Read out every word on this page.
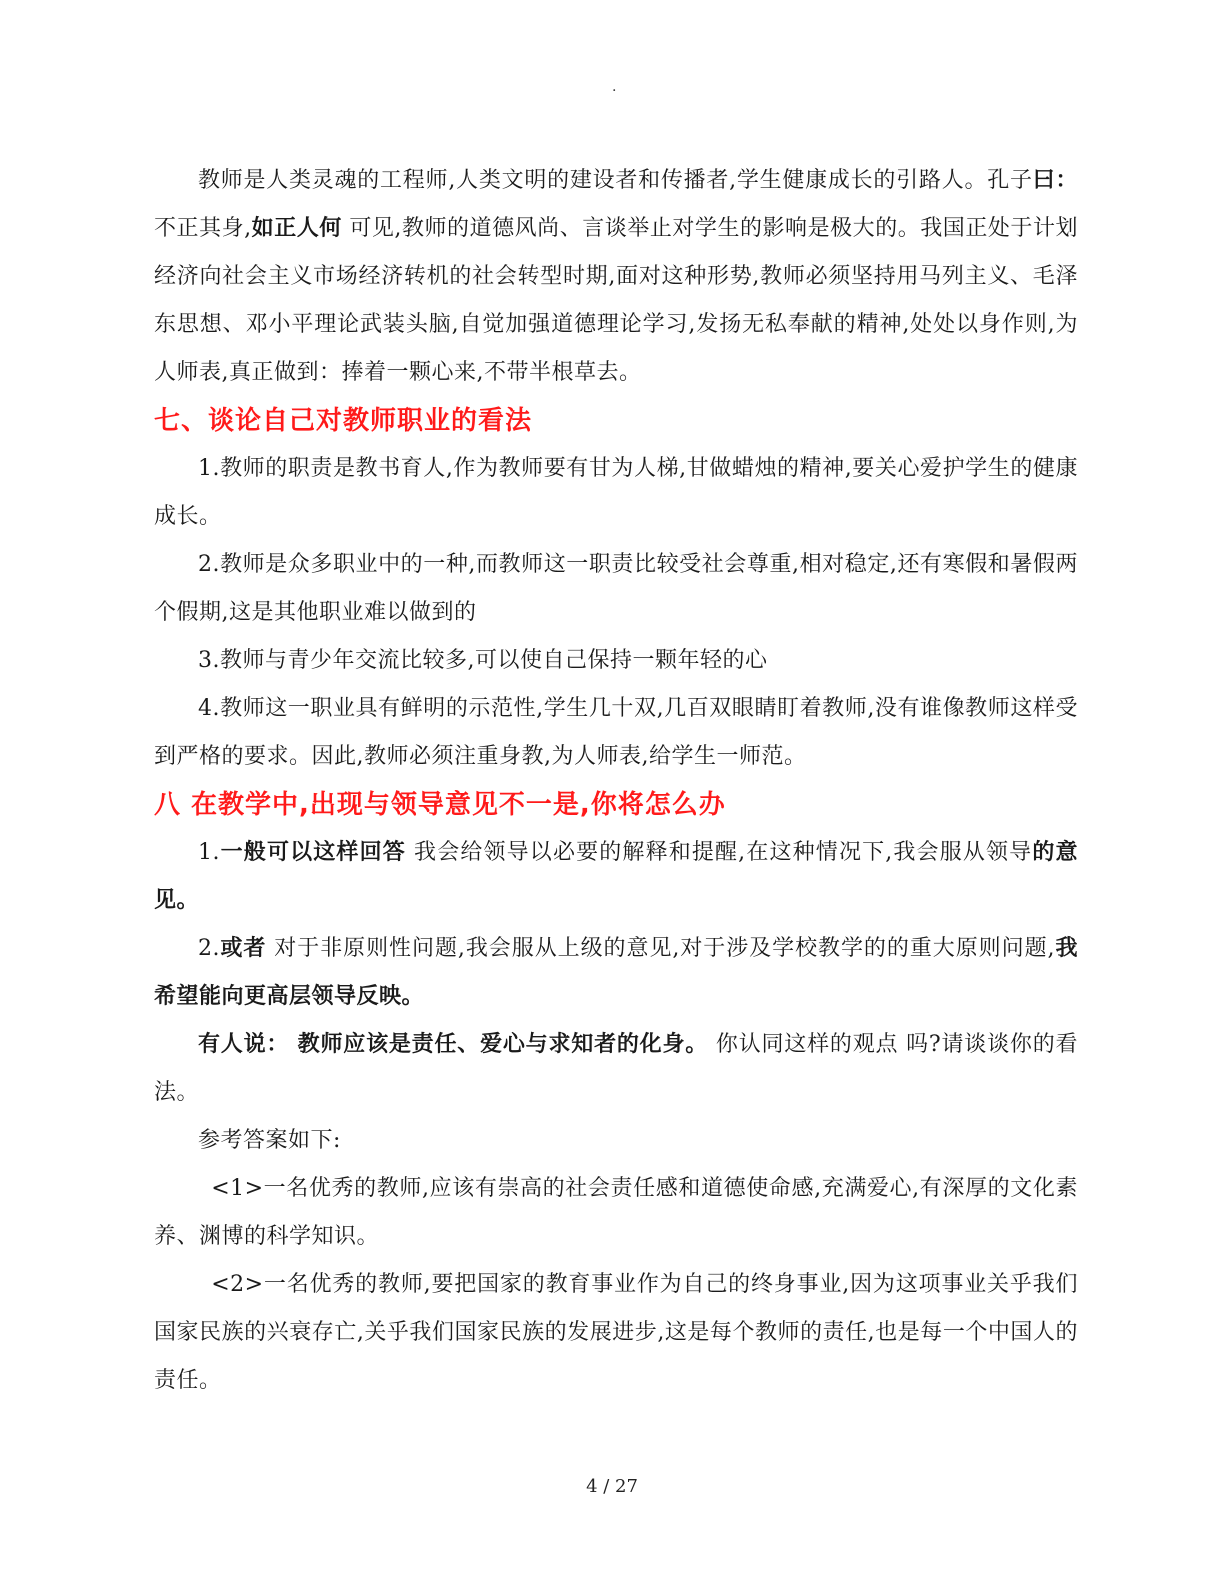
.

教师是人类灵魂的工程师,人类文明的建设者和传播者,学生健康成长的引路人。孔子曰： 不正其身,如正人何 可见,教师的道德风尚、言谈举止对学生的影响是极大的。我国正处于计划经济向社会主义市场经济转机的社会转型时期,面对这种形势,教师必须坚持用马列主义、毛泽东思想、邓小平理论武装头脑,自觉加强道德理论学习,发扬无私奉献的精神,处处以身作则,为人师表,真正做到：捧着一颗心来,不带半根草去。

七、谈论自己对教师职业的看法

1.教师的职责是教书育人,作为教师要有甘为人梯,甘做蜡烛的精神,要关心爱护学生的健康成长。

2.教师是众多职业中的一种,而教师这一职责比较受社会尊重,相对稳定,还有寒假和暑假两个假期,这是其他职业难以做到的

3.教师与青少年交流比较多,可以使自己保持一颗年轻的心

4.教师这一职业具有鲜明的示范性,学生几十双,几百双眼睛盯着教师,没有谁像教师这样受到严格的要求。因此,教师必须注重身教,为人师表,给学生一师范。

八 在教学中,出现与领导意见不一是,你将怎么办

1.一般可以这样回答 我会给领导以必要的解释和提醒,在这种情况下,我会服从领导的意见。

2.或者 对于非原则性问题,我会服从上级的意见,对于涉及学校教学的的重大原则问题,我希望能向更高层领导反映。

有人说： 教师应该是责任、爱心与求知者的化身。 你认同这样的观点 吗?请谈谈你的看法。

参考答案如下:

<1>一名优秀的教师,应该有崇高的社会责任感和道德使命感,充满爱心,有深厚的文化素养、渊博的科学知识。

<2>一名优秀的教师,要把国家的教育事业作为自己的终身事业,因为这项事业关乎我们国家民族的兴衰存亡,关乎我们国家民族的发展进步,这是每个教师的责任,也是每一个中国人的责任。

4 / 27
